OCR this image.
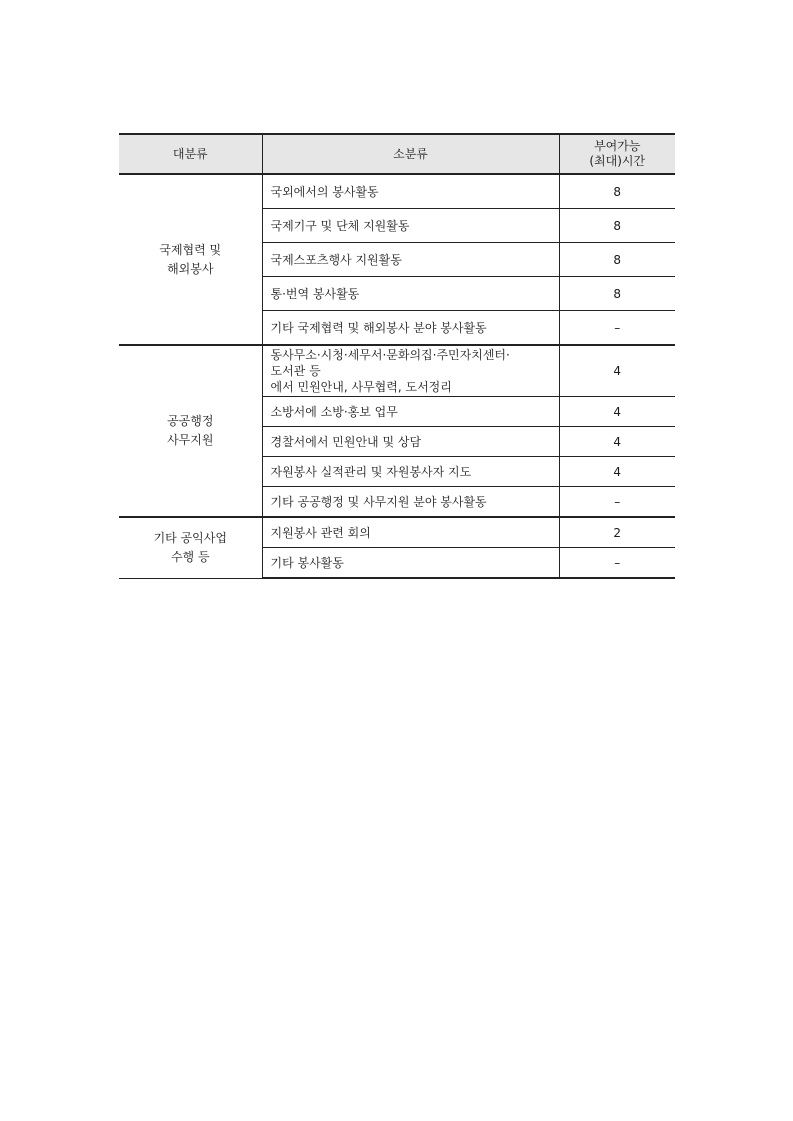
대분류	소분류	부여가능
(최대)시간

국제협력 및
해외봉사	국외에서의 봉사활동	8
	국제기구 및 단체 지원활동	8
	국제스포츠행사 지원활동	8
	통·번역 봉사활동	8
	기타 국제협력 및 해외봉사 분야 봉사활동	–

공공행정
사무지원	동사무소·시청·세무서·문화의집·주민자치센터·
도서관 등
에서 민원안내, 사무협력, 도서정리	4
	소방서에 소방·홍보 업무	4
	경찰서에서 민원안내 및 상담	4
	자원봉사 실적관리 및 자원봉사자 지도	4
	기타 공공행정 및 사무지원 분야 봉사활동	–

기타 공익사업
수행 등	지원봉사 관련 회의	2
	기타 봉사활동	–
